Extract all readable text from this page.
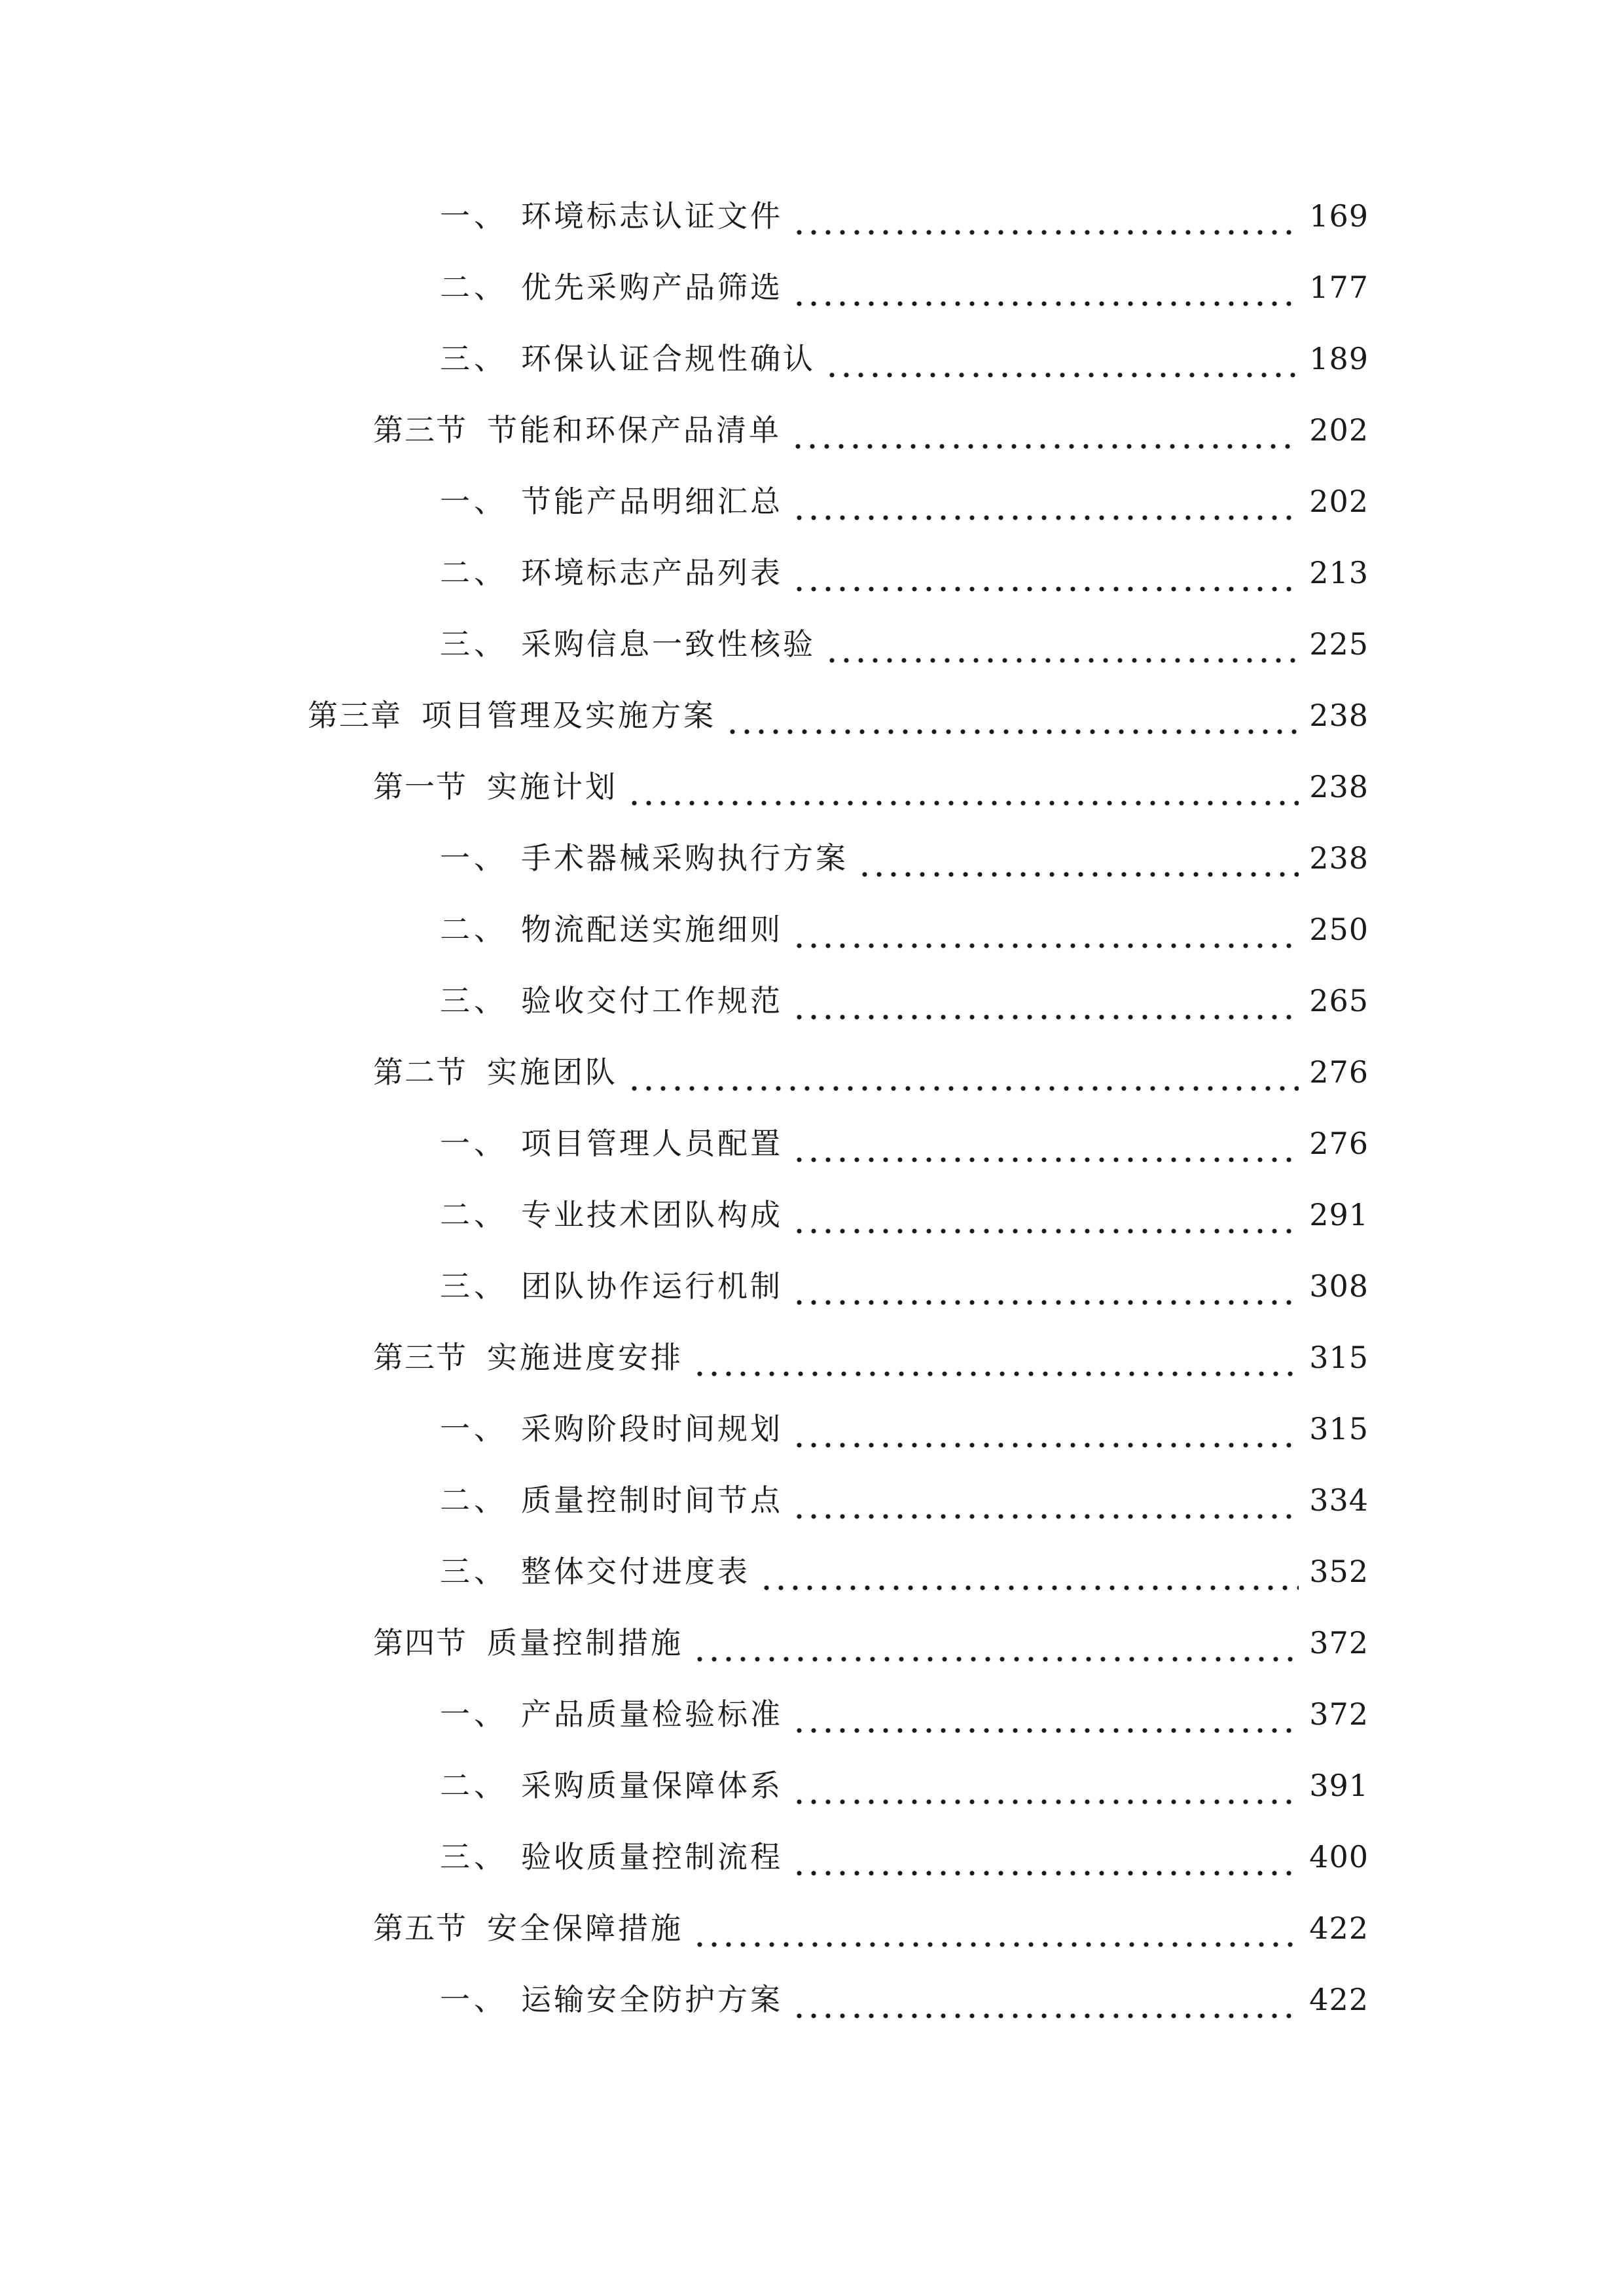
一、 环境标志认证文件	169
二、 优先采购产品筛选	177
三、 环保认证合规性确认	189
第三节 节能和环保产品清单	202
一、 节能产品明细汇总	202
二、 环境标志产品列表	213
三、 采购信息一致性核验	225
第三章 项目管理及实施方案	238
第一节 实施计划	238
一、 手术器械采购执行方案	238
二、 物流配送实施细则	250
三、 验收交付工作规范	265
第二节 实施团队	276
一、 项目管理人员配置	276
二、 专业技术团队构成	291
三、 团队协作运行机制	308
第三节 实施进度安排	315
一、 采购阶段时间规划	315
二、 质量控制时间节点	334
三、 整体交付进度表	352
第四节 质量控制措施	372
一、 产品质量检验标准	372
二、 采购质量保障体系	391
三、 验收质量控制流程	400
第五节 安全保障措施	422
一、 运输安全防护方案	422
